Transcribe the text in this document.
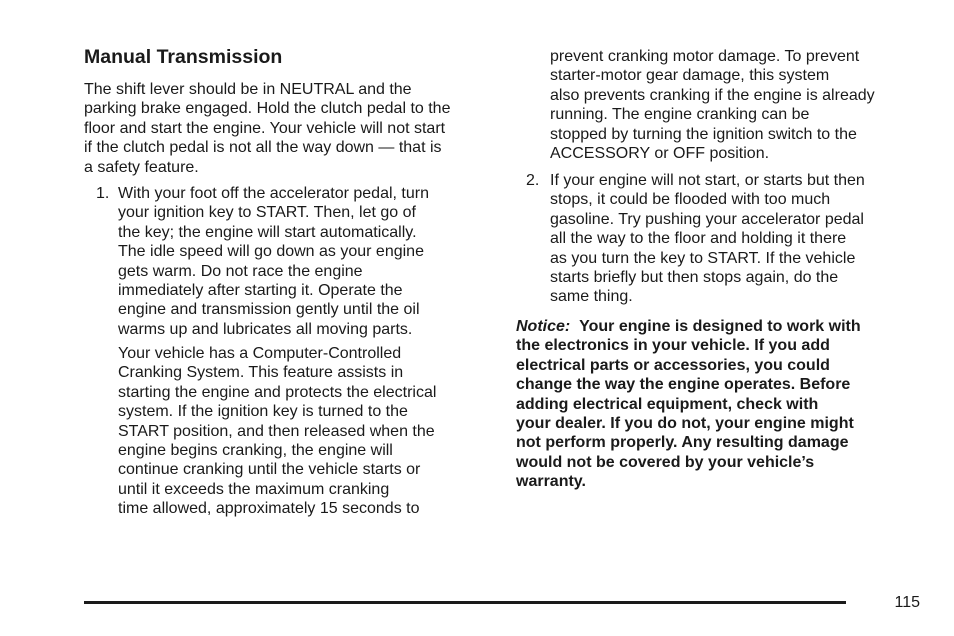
Manual Transmission
The shift lever should be in NEUTRAL and the
parking brake engaged. Hold the clutch pedal to the
floor and start the engine. Your vehicle will not start
if the clutch pedal is not all the way down — that is
a safety feature.
1. With your foot off the accelerator pedal, turn
your ignition key to START. Then, let go of
the key; the engine will start automatically.
The idle speed will go down as your engine
gets warm. Do not race the engine
immediately after starting it. Operate the
engine and transmission gently until the oil
warms up and lubricates all moving parts.
Your vehicle has a Computer-Controlled
Cranking System. This feature assists in
starting the engine and protects the electrical
system. If the ignition key is turned to the
START position, and then released when the
engine begins cranking, the engine will
continue cranking until the vehicle starts or
until it exceeds the maximum cranking
time allowed, approximately 15 seconds to
prevent cranking motor damage. To prevent
starter-motor gear damage, this system
also prevents cranking if the engine is already
running. The engine cranking can be
stopped by turning the ignition switch to the
ACCESSORY or OFF position.
2. If your engine will not start, or starts but then
stops, it could be flooded with too much
gasoline. Try pushing your accelerator pedal
all the way to the floor and holding it there
as you turn the key to START. If the vehicle
starts briefly but then stops again, do the
same thing.
Notice: Your engine is designed to work with
the electronics in your vehicle. If you add
electrical parts or accessories, you could
change the way the engine operates. Before
adding electrical equipment, check with
your dealer. If you do not, your engine might
not perform properly. Any resulting damage
would not be covered by your vehicle’s
warranty.
115
